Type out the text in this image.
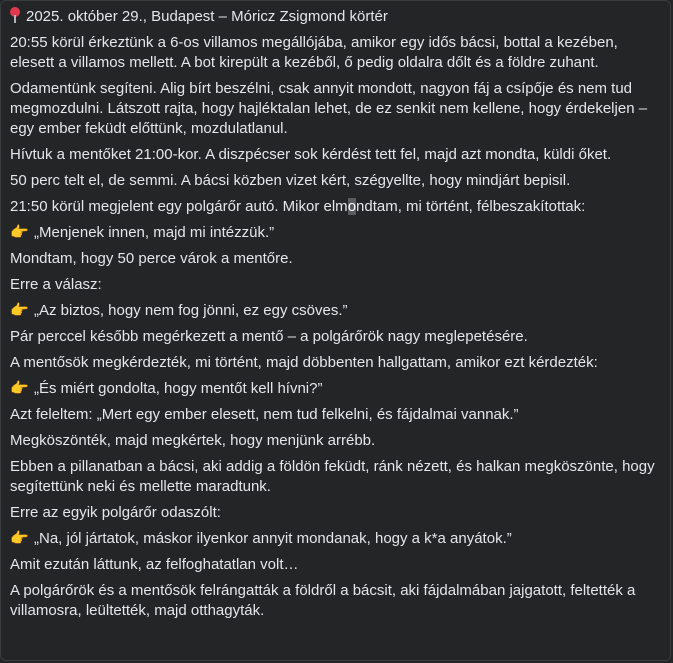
2025. október 29., Budapest – Móricz Zsigmond körtér

20:55 körül érkeztünk a 6-os villamos megállójába, amikor egy idős bácsi, bottal a kezében, elesett a villamos mellett. A bot kirepült a kezéből, ő pedig oldalra dőlt és a földre zuhant.

Odamentünk segíteni. Alig bírt beszélni, csak annyit mondott, nagyon fáj a csípője és nem tud megmozdulni. Látszott rajta, hogy hajléktalan lehet, de ez senkit nem kellene, hogy érdekeljen – egy ember feküdt előttünk, mozdulatlanul.

Hívtuk a mentőket 21:00-kor. A diszpécser sok kérdést tett fel, majd azt mondta, küldi őket.

50 perc telt el, de semmi. A bácsi közben vizet kért, szégyellte, hogy mindjárt bepisil.

21:50 körül megjelent egy polgárőr autó. Mikor elmondtam, mi történt, félbeszakítottak:

👉 „Menjenek innen, majd mi intézzük.”

Mondtam, hogy 50 perce várok a mentőre.

Erre a válasz:

👉 „Az biztos, hogy nem fog jönni, ez egy csöves.”

Pár perccel később megérkezett a mentő – a polgárőrök nagy meglepetésére.

A mentősök megkérdezték, mi történt, majd döbbenten hallgattam, amikor ezt kérdezték:

👉 „És miért gondolta, hogy mentőt kell hívni?”

Azt feleltem: „Mert egy ember elesett, nem tud felkelni, és fájdalmai vannak.”

Megköszönték, majd megkértek, hogy menjünk arrébb.

Ebben a pillanatban a bácsi, aki addig a földön feküdt, ránk nézett, és halkan megköszönte, hogy segítettünk neki és mellette maradtunk.

Erre az egyik polgárőr odaszólt:

👉 „Na, jól jártatok, máskor ilyenkor annyit mondanak, hogy a k*a anyátok.”

Amit ezután láttunk, az felfoghatatlan volt…

A polgárőrök és a mentősök felrángatták a földről a bácsit, aki fájdalmában jajgatott, feltették a villamosra, leültették, majd otthagyták.
